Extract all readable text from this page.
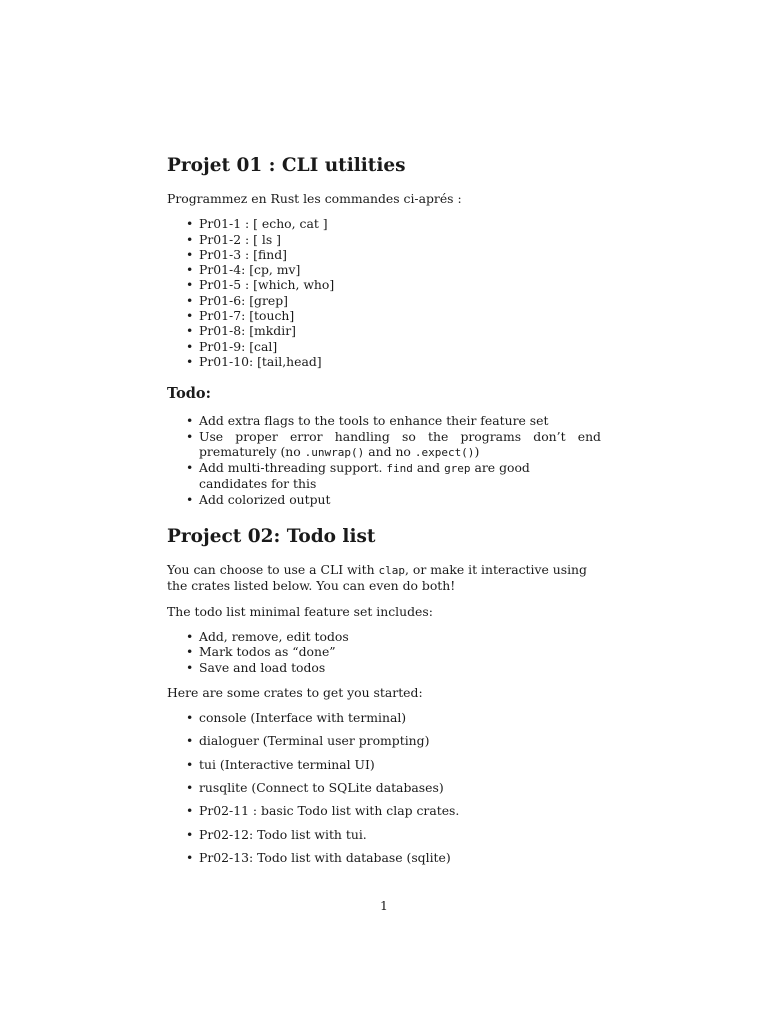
Projet 01 : CLI utilities

Programmez en Rust les commandes ci-aprés :

• Pr01-1 : [ echo, cat ]
• Pr01-2 : [ ls ]
• Pr01-3 : [find]
• Pr01-4: [cp, mv]
• Pr01-5 : [which, who]
• Pr01-6: [grep]
• Pr01-7: [touch]
• Pr01-8: [mkdir]
• Pr01-9: [cal]
• Pr01-10: [tail,head]
Todo:
• Add extra flags to the tools to enhance their feature set
• Use proper error handling so the programs don’t end prematurely (no .unwrap() and no .expect())
• Add multi-threading support. find and grep are good candidates for this
• Add colorized output
Project 02: Todo list

You can choose to use a CLI with clap, or make it interactive using the crates listed below. You can even do both!

The todo list minimal feature set includes:

• Add, remove, edit todos
• Mark todos as “done”
• Save and load todos

Here are some crates to get you started:

• console (Interface with terminal)
• dialoguer (Terminal user prompting)
• tui (Interactive terminal UI)
• rusqlite (Connect to SQLite databases)
• Pr02-11 : basic Todo list with clap crates.
• Pr02-12: Todo list with tui.
• Pr02-13: Todo list with database (sqlite)
1
